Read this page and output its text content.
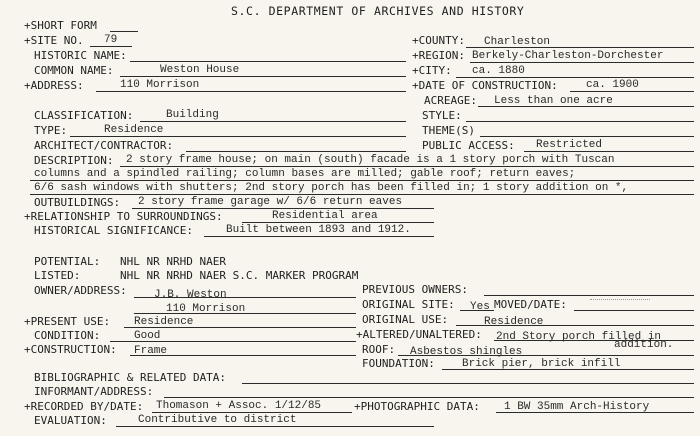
S.C. DEPARTMENT OF ARCHIVES AND HISTORY
+SHORT FORM
+SITE NO. 79
HISTORIC NAME:
COMMON NAME:	Weston House
+ADDRESS:	110 Morrison
+COUNTY: Charleston
+REGION: Berkely-Charleston-Dorchester
+CITY: ca. 1880
+DATE OF CONSTRUCTION:	ca. 1900
ACREAGE: Less than one acre
CLASSIFICATION:	Building	STYLE:
TYPE:	Residence	THEME(S)
ARCHITECT/CONTRACTOR:	PUBLIC ACCESS: Restricted
DESCRIPTION: 2 story frame house; on main (south) facade is a 1 story porch with Tuscan
columns and a spindled railing; column bases are milled; gable roof; return eaves;
6/6 sash windows with shutters; 2nd story porch has been filled in; 1 story addition on *,
OUTBUILDINGS: 2 story frame garage w/ 6/6 return eaves
+RELATIONSHIP TO SURROUNDINGS:	Residential area
HISTORICAL SIGNIFICANCE:	Built between 1893 and 1912.
POTENTIAL: NHL NR NRHD NAER
LISTED:	NHL NR NRHD NAER S.C. MARKER PROGRAM
OWNER/ADDRESS: J.B. Weston
110 Morrison
PREVIOUS OWNERS:
ORIGINAL SITE: Yes MOVED/DATE:
+PRESENT USE: Residence	ORIGINAL USE:	Residence
CONDITION:	Good	+ALTERED/UNALTERED: 2nd Story porch filled in
addition.
+CONSTRUCTION: Frame	ROOF: Asbestos shingles
FOUNDATION: Brick pier, brick infill
BIBLIOGRAPHIC & RELATED DATA:
INFORMANT/ADDRESS:
+RECORDED BY/DATE: Thomason + Assoc. 1/12/85	+PHOTOGRAPHIC DATA: 1 BW 35mm Arch-History
EVALUATION:	Contributive to district
